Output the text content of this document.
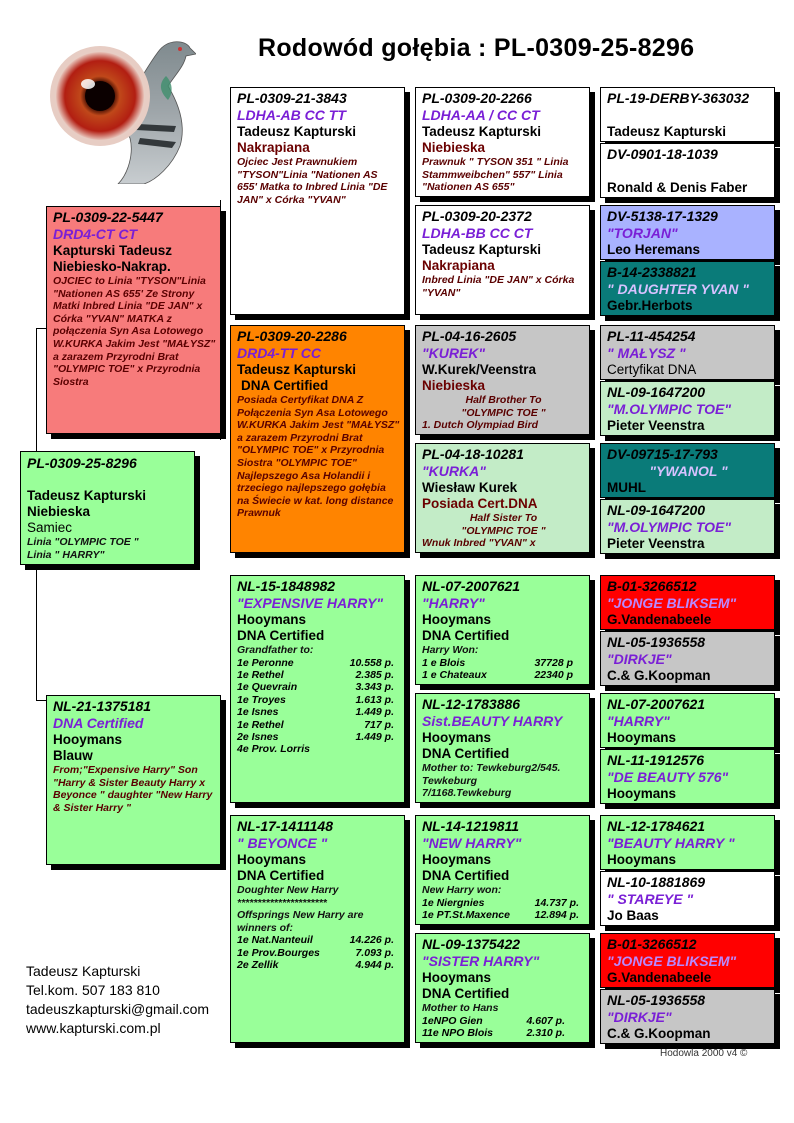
Rodowód gołębia : PL-0309-25-8296
PL-0309-25-8296
Tadeusz Kapturski
Niebieska
Samiec
Linia "OLYMPIC TOE "
Linia " HARRY"
PL-0309-22-5447
DRD4-CT CT
Kapturski Tadeusz
Niebiesko-Nakrap.
OJCIEC to Linia "TYSON"Linia "Nationen AS 655' Ze Strony Matki Inbred Linia "DE JAN" x Córka "YVAN" MATKA z połączenia Syn Asa Lotowego W.KURKA Jakim Jest "MAŁYSZ" a zarazem Przyrodni Brat "OLYMPIC TOE" x Przyrodnia Siostra
NL-21-1375181
DNA Certified
Hooymans
Blauw
From;"Expensive Harry" Son "Harry & Sister Beauty Harry x Beyonce " daughter "New Harry & Sister Harry "
PL-0309-21-3843
LDHA-AB CC TT
Tadeusz Kapturski
Nakrapiana
Ojciec Jest Prawnukiem "TYSON"Linia "Nationen AS 655' Matka to Inbred Linia "DE JAN" x Córka "YVAN"
PL-0309-20-2286
DRD4-TT CC
Tadeusz Kapturski
DNA Certified
Posiada Certyfikat DNA Z Połączenia Syn Asa Lotowego W.KURKA Jakim Jest "MAŁYSZ" a zarazem Przyrodni Brat "OLYMPIC TOE" x Przyrodnia Siostra "OLYMPIC TOE" Najlepszego Asa Holandii i trzeciego najlepszego gołębia na Świecie w kat. long distance Prawnuk
NL-15-1848982
"EXPENSIVE HARRY"
Hooymans
DNA Certified
Grandfather to:
1e Peronne	10.558 p.
1e Rethel	2.385 p.
1e Quevrain	3.343 p.
1e Troyes	1.613 p.
1e Isnes	1.449 p.
1e Rethel	717 p.
2e Isnes	1.449 p.
4e Prov. Lorris
NL-17-1411148
" BEYONCE "
Hooymans
DNA Certified
Doughter New Harry
**********************
Offsprings New Harry are winners of:
1e Nat.Nanteuil	14.226 p.
1e Prov.Bourges	7.093 p.
2e Zellik	4.944 p.
PL-0309-20-2266
LDHA-AA / CC CT
Tadeusz Kapturski
Niebieska
Prawnuk " TYSON 351 " Linia Stammweibchen" 557" Linia "Nationen AS 655"
PL-0309-20-2372
LDHA-BB CC CT
Tadeusz Kapturski
Nakrapiana
Inbred Linia "DE JAN" x Córka "YVAN"
PL-04-16-2605
"KUREK"
W.Kurek/Veenstra
Niebieska
Half Brother To
"OLYMPIC TOE "
1. Dutch Olympiad Bird
PL-04-18-10281
"KURKA"
Wiesław Kurek
Posiada Cert.DNA
Half Sister To
"OLYMPIC TOE "
Wnuk Inbred "YVAN" x
NL-07-2007621
"HARRY"
Hooymans
DNA Certified
Harry Won:
1 e Blois	37728 p
1 e Chateaux	22340 p
NL-12-1783886
Sist.BEAUTY HARRY
Hooymans
DNA Certified
Mother to: Tewkeburg2/545.
Tewkeburg
7/1168.Tewkeburg
NL-14-1219811
"NEW HARRY"
Hooymans
DNA Certified
New Harry won:
1e Niergnies	14.737 p.
1e PT.St.Maxence 12.894 p.
NL-09-1375422
"SISTER HARRY"
Hooymans
DNA Certified
Mother to Hans
1eNPO Gien	4.607 p.
11e NPO Blois	2.310 p.
PL-19-DERBY-363032
Tadeusz Kapturski
DV-0901-18-1039
Ronald & Denis Faber
DV-5138-17-1329
"TORJAN"
Leo Heremans
B-14-2338821
" DAUGHTER YVAN "
Gebr.Herbots
PL-11-454254
" MAŁYSZ "
Certyfikat DNA
NL-09-1647200
"M.OLYMPIC TOE"
Pieter Veenstra
DV-09715-17-793
"YWANOL "
MUHL
NL-09-1647200
"M.OLYMPIC TOE"
Pieter Veenstra
B-01-3266512
"JONGE BLIKSEM"
G.Vandenabeele
NL-05-1936558
"DIRKJE"
C.& G.Koopman
NL-07-2007621
"HARRY"
Hooymans
NL-11-1912576
"DE BEAUTY 576"
Hooymans
NL-12-1784621
"BEAUTY HARRY "
Hooymans
NL-10-1881869
" STAREYE "
Jo Baas
B-01-3266512
"JONGE BLIKSEM"
G.Vandenabeele
NL-05-1936558
"DIRKJE"
C.& G.Koopman
Tadeusz Kapturski
Tel.kom. 507 183 810
tadeuszkapturski@gmail.com
www.kapturski.com.pl
Hodowla 2000 v4 ©
